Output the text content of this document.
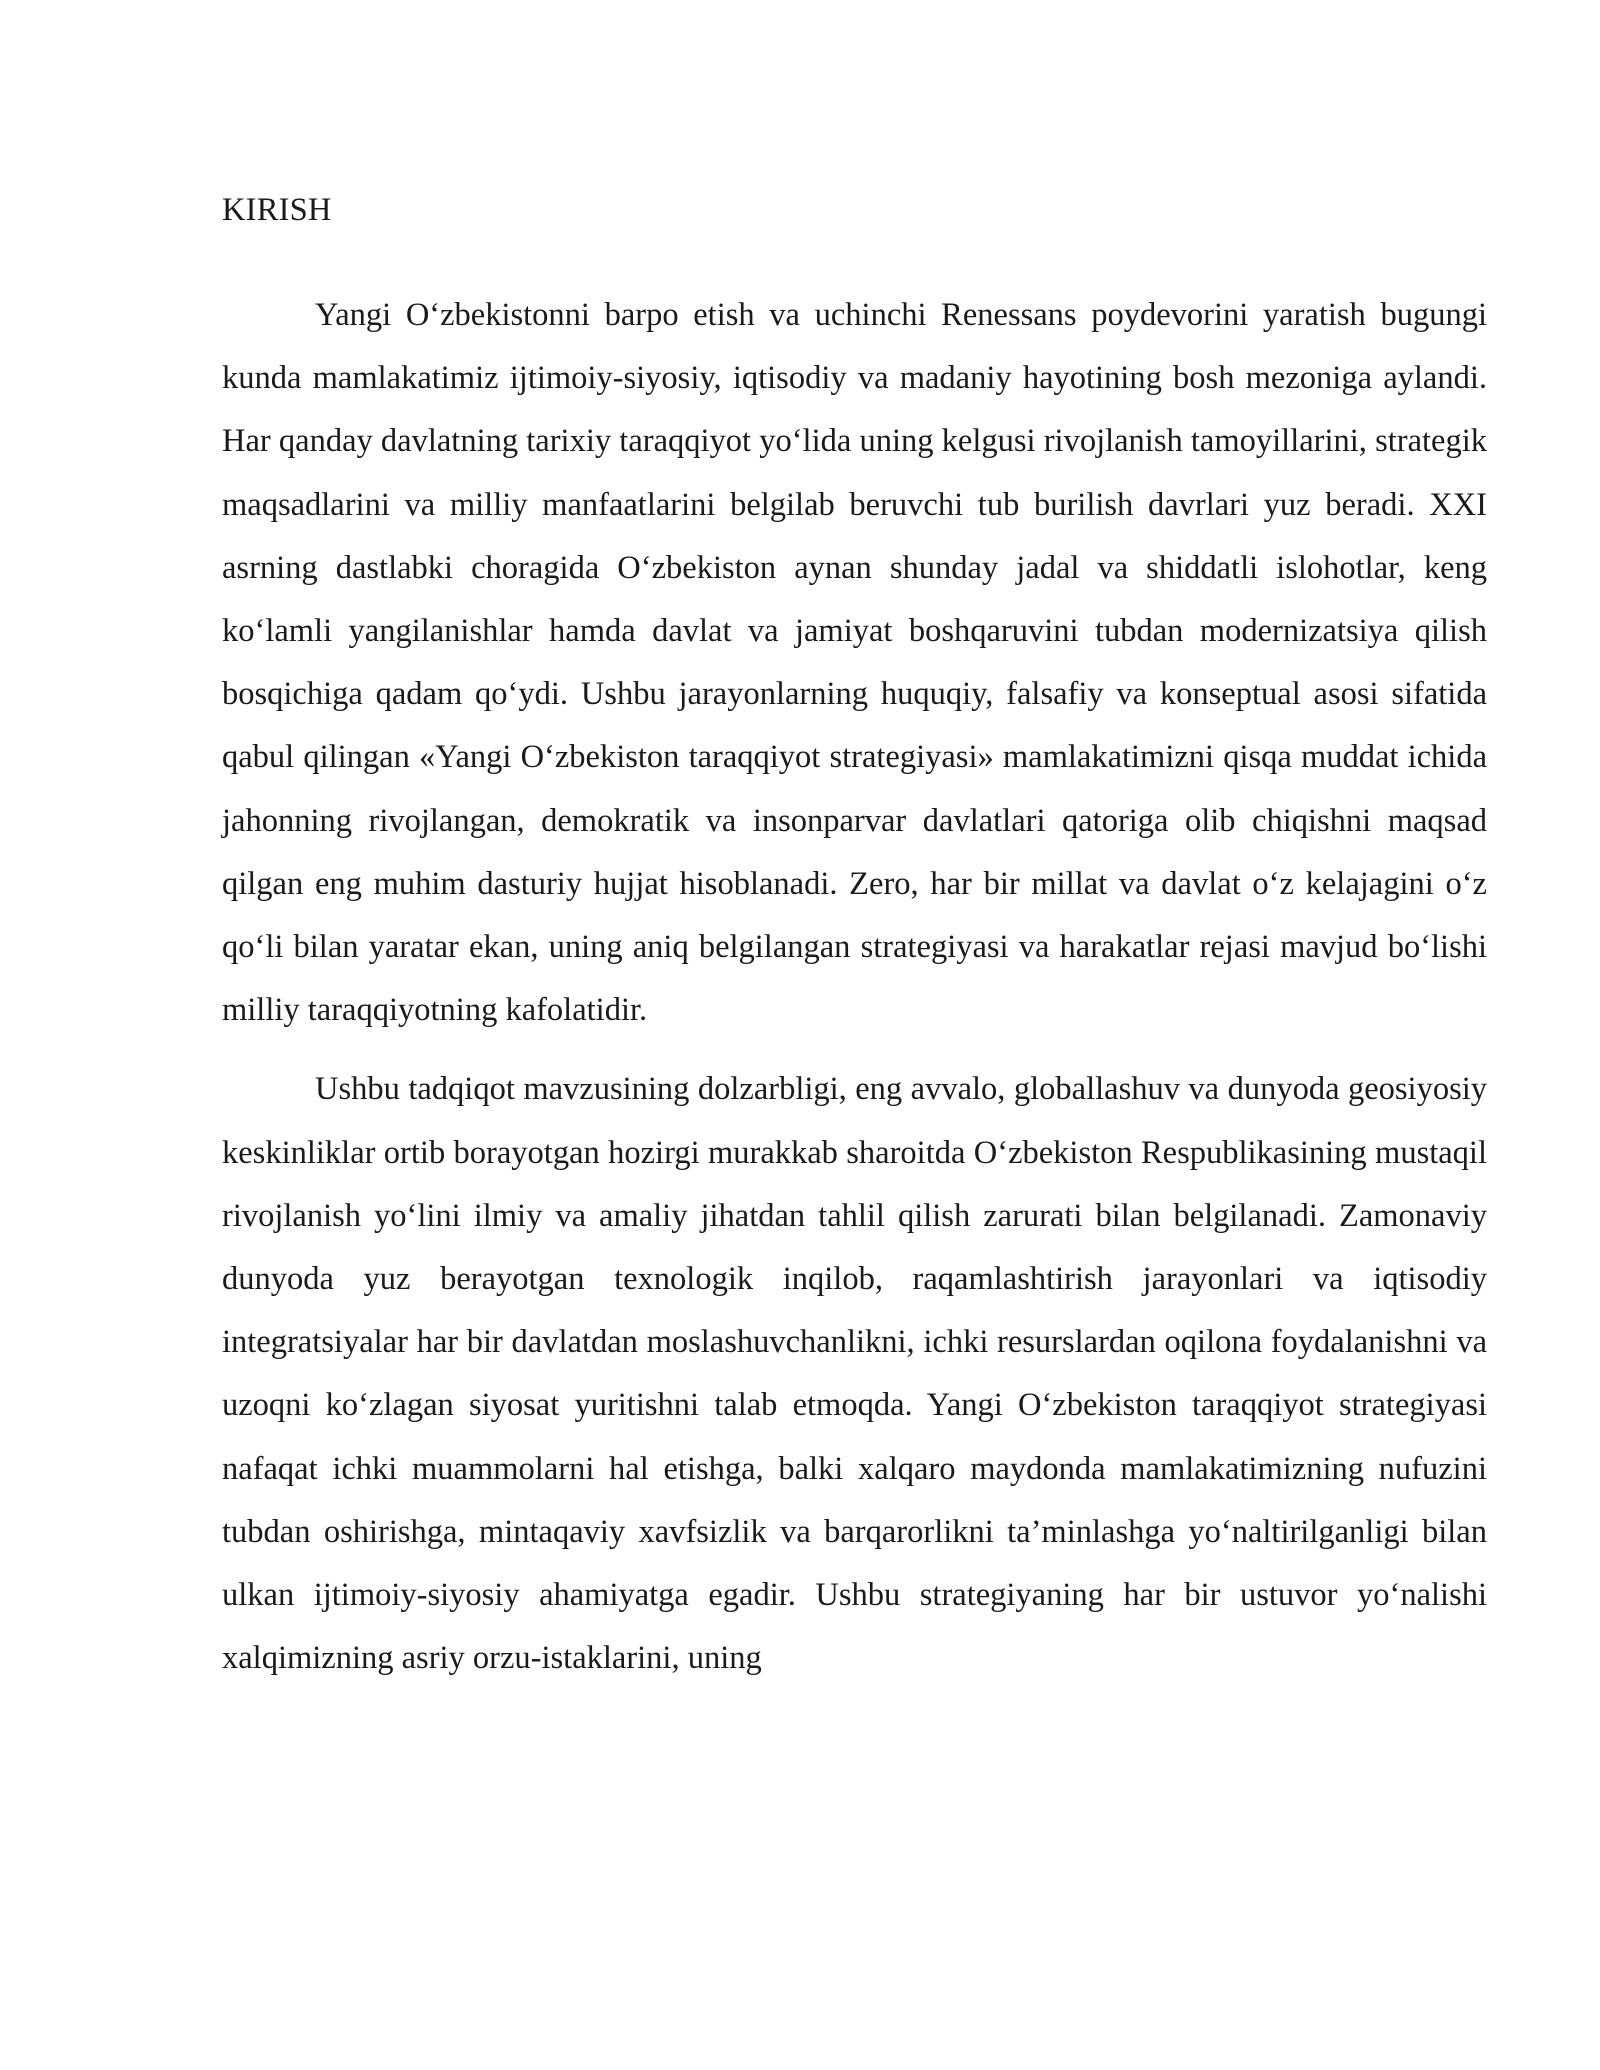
KIRISH

Yangi O‘zbekistonni barpo etish va uchinchi Renessans poydevorini yaratish bugungi kunda mamlakatimiz ijtimoiy-siyosiy, iqtisodiy va madaniy hayotining bosh mezoniga aylandi. Har qanday davlatning tarixiy taraqqiyot yo‘lida uning kelgusi rivojlanish tamoyillarini, strategik maqsadlarini va milliy manfaatlarini belgilab beruvchi tub burilish davrlari yuz beradi. XXI asrning dastlabki choragida O‘zbekiston aynan shunday jadal va shiddatli islohotlar, keng ko‘lamli yangilanishlar hamda davlat va jamiyat boshqaruvini tubdan modernizatsiya qilish bosqichiga qadam qo‘ydi. Ushbu jarayonlarning huquqiy, falsafiy va konseptual asosi sifatida qabul qilingan «Yangi O‘zbekiston taraqqiyot strategiyasi» mamlakatimizni qisqa muddat ichida jahonning rivojlangan, demokratik va insonparvar davlatlari qatoriga olib chiqishni maqsad qilgan eng muhim dasturiy hujjat hisoblanadi. Zero, har bir millat va davlat o‘z kelajagini o‘z qo‘li bilan yaratar ekan, uning aniq belgilangan strategiyasi va harakatlar rejasi mavjud bo‘lishi milliy taraqqiyotning kafolatidir.

Ushbu tadqiqot mavzusining dolzarbligi, eng avvalo, globallashuv va dunyoda geosiyosiy keskinliklar ortib borayotgan hozirgi murakkab sharoitda O‘zbekiston Respublikasining mustaqil rivojlanish yo‘lini ilmiy va amaliy jihatdan tahlil qilish zarurati bilan belgilanadi. Zamonaviy dunyoda yuz berayotgan texnologik inqilob, raqamlashtirish jarayonlari va iqtisodiy integratsiyalar har bir davlatdan moslashuvchanlikni, ichki resurslardan oqilona foydalanishni va uzoqni ko‘zlagan siyosat yuritishni talab etmoqda. Yangi O‘zbekiston taraqqiyot strategiyasi nafaqat ichki muammolarni hal etishga, balki xalqaro maydonda mamlakatimizning nufuzini tubdan oshirishga, mintaqaviy xavfsizlik va barqarorlikni ta’minlashga yo‘naltirilganligi bilan ulkan ijtimoiy-siyosiy ahamiyatga egadir. Ushbu strategiyaning har bir ustuvor yo‘nalishi xalqimizning asriy orzu-istaklarini, uning
